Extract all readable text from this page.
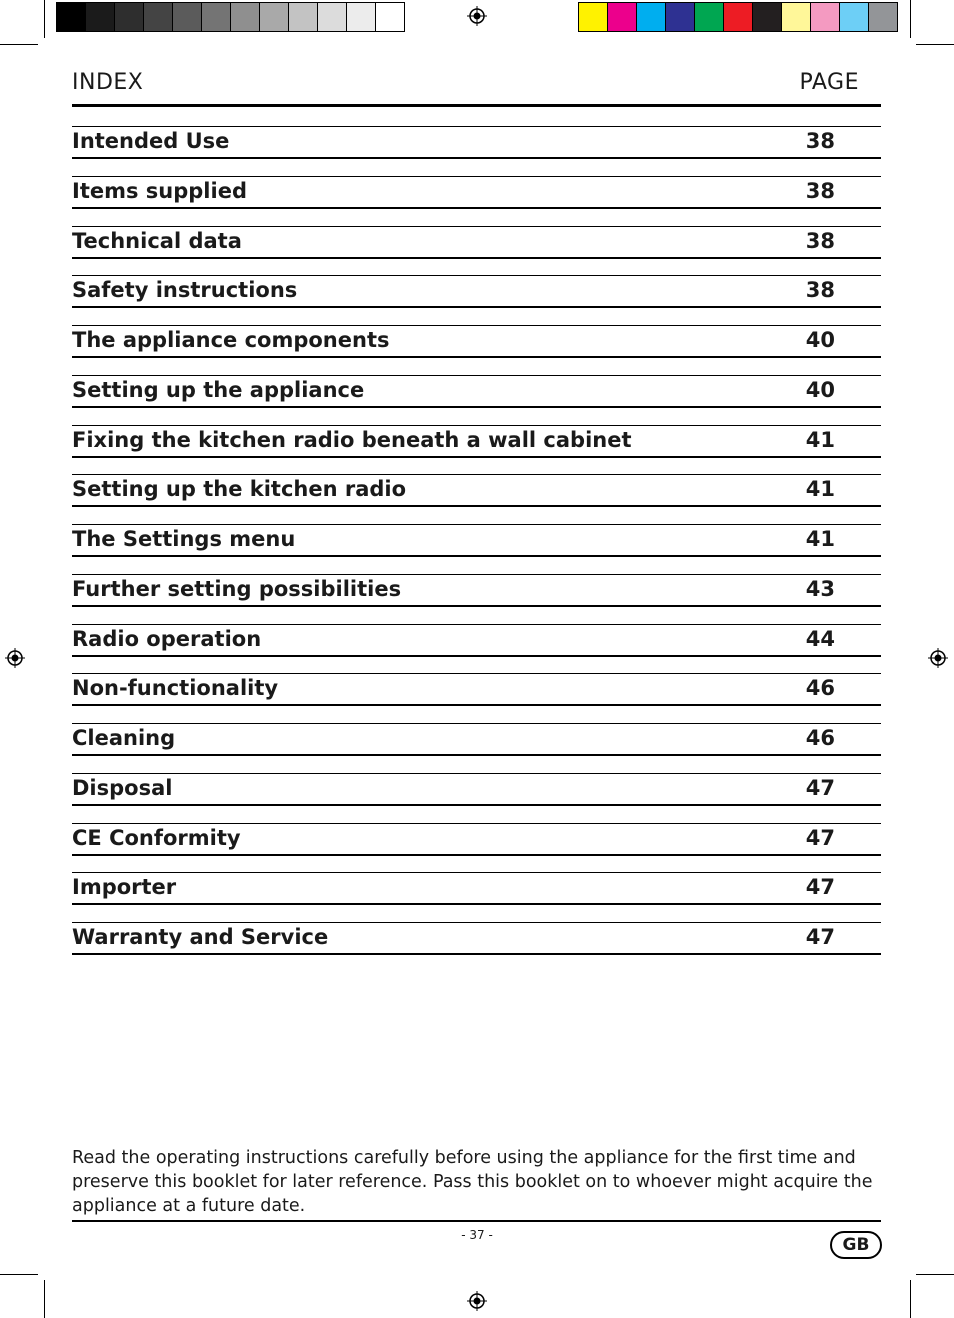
INDEX	PAGE
Intended Use	38
Items supplied	38
Technical data	38
Safety instructions	38
The appliance components	40
Setting up the appliance	40
Fixing the kitchen radio beneath a wall cabinet	41
Setting up the kitchen radio	41
The Settings menu	41
Further setting possibilities	43
Radio operation	44
Non-functionality	46
Cleaning	46
Disposal	47
CE Conformity	47
Importer	47
Warranty and Service	47
Read the operating instructions carefully before using the appliance for the first time and preserve this booklet for later reference. Pass this booklet on to whoever might acquire the appliance at a future date.
- 37 -	GB
